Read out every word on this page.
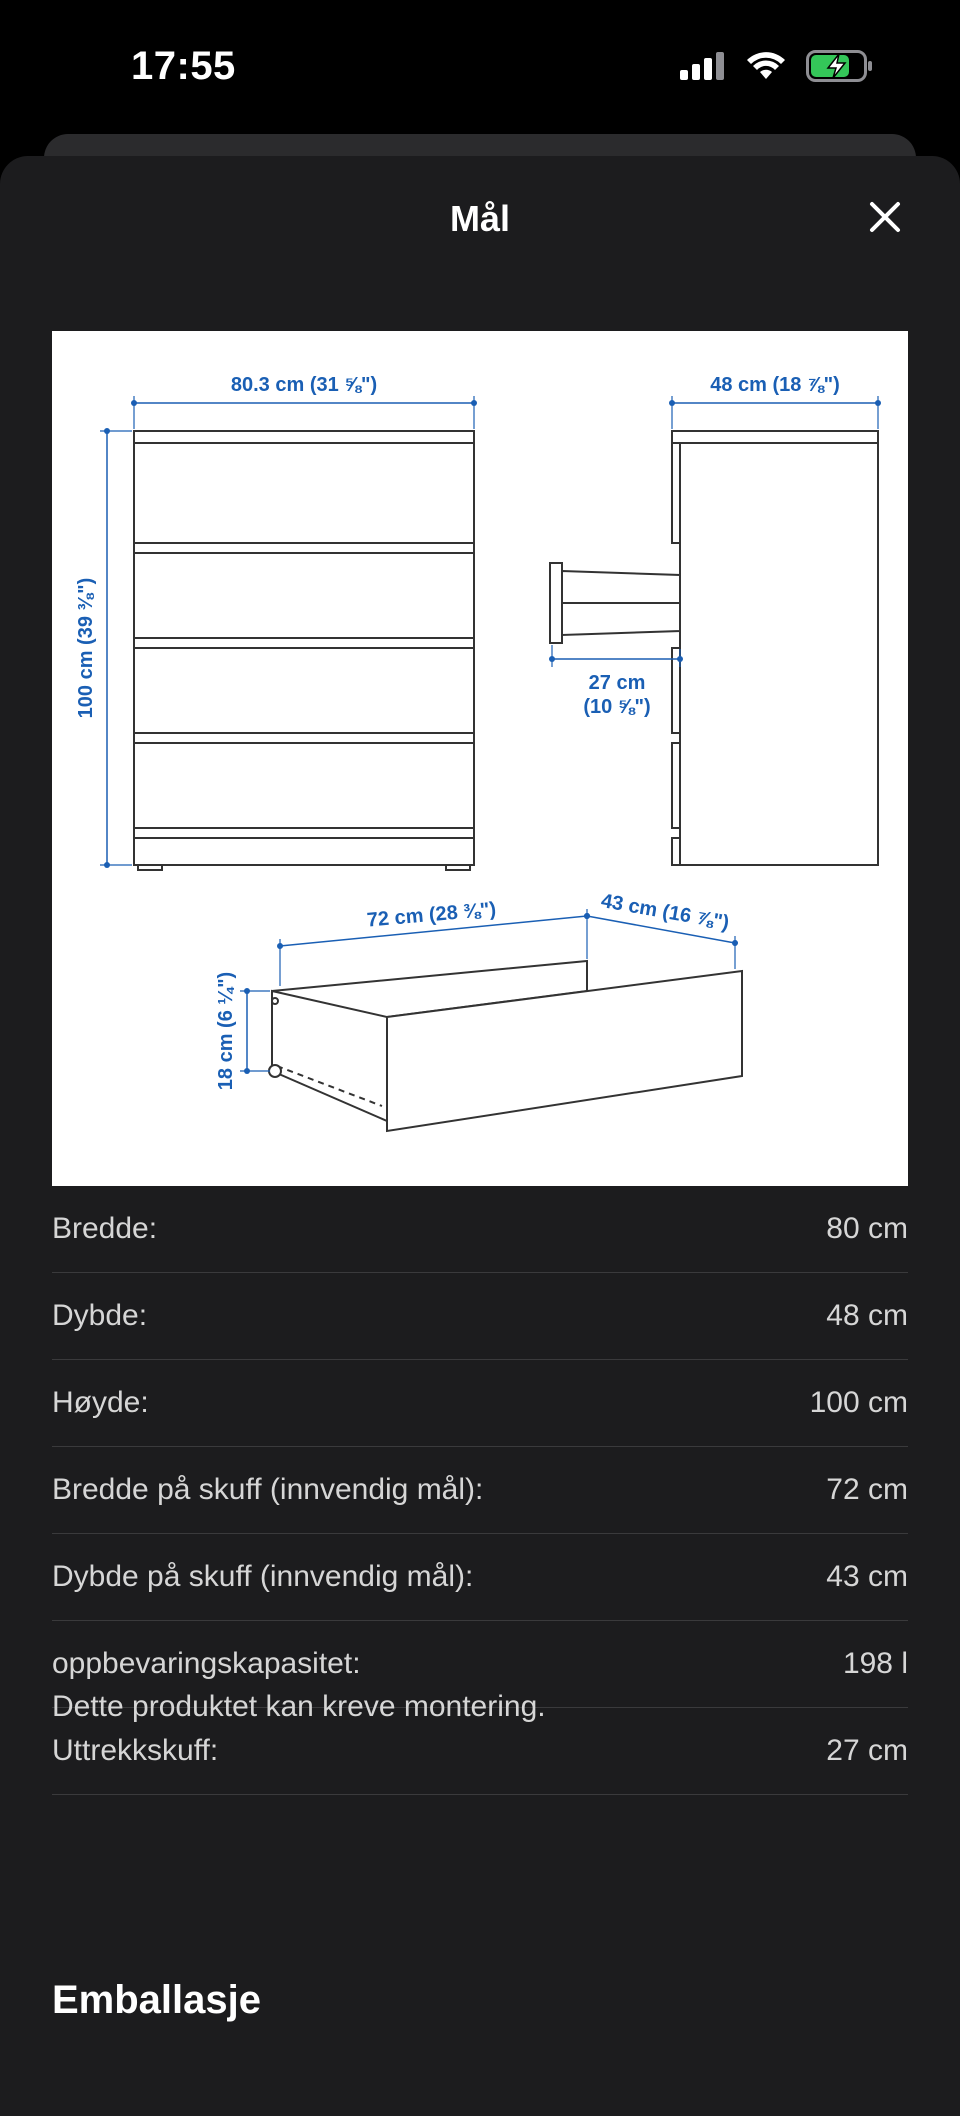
17:55
Mål
80.3 cm (31 ⅝")
100 cm (39 ⅜")
48 cm (18 ⅞")
27 cm
(10 ⅝")
72 cm (28 ⅜")	43 cm (16 ⅞")
18 cm (6 ¼")
Bredde:	80 cm
Dybde:	48 cm
Høyde:	100 cm
Bredde på skuff (innvendig mål):	72 cm
Dybde på skuff (innvendig mål):	43 cm
oppbevaringskapasitet:	198 l
Uttrekkskuff:	27 cm
Dette produktet kan kreve montering.
Emballasje
